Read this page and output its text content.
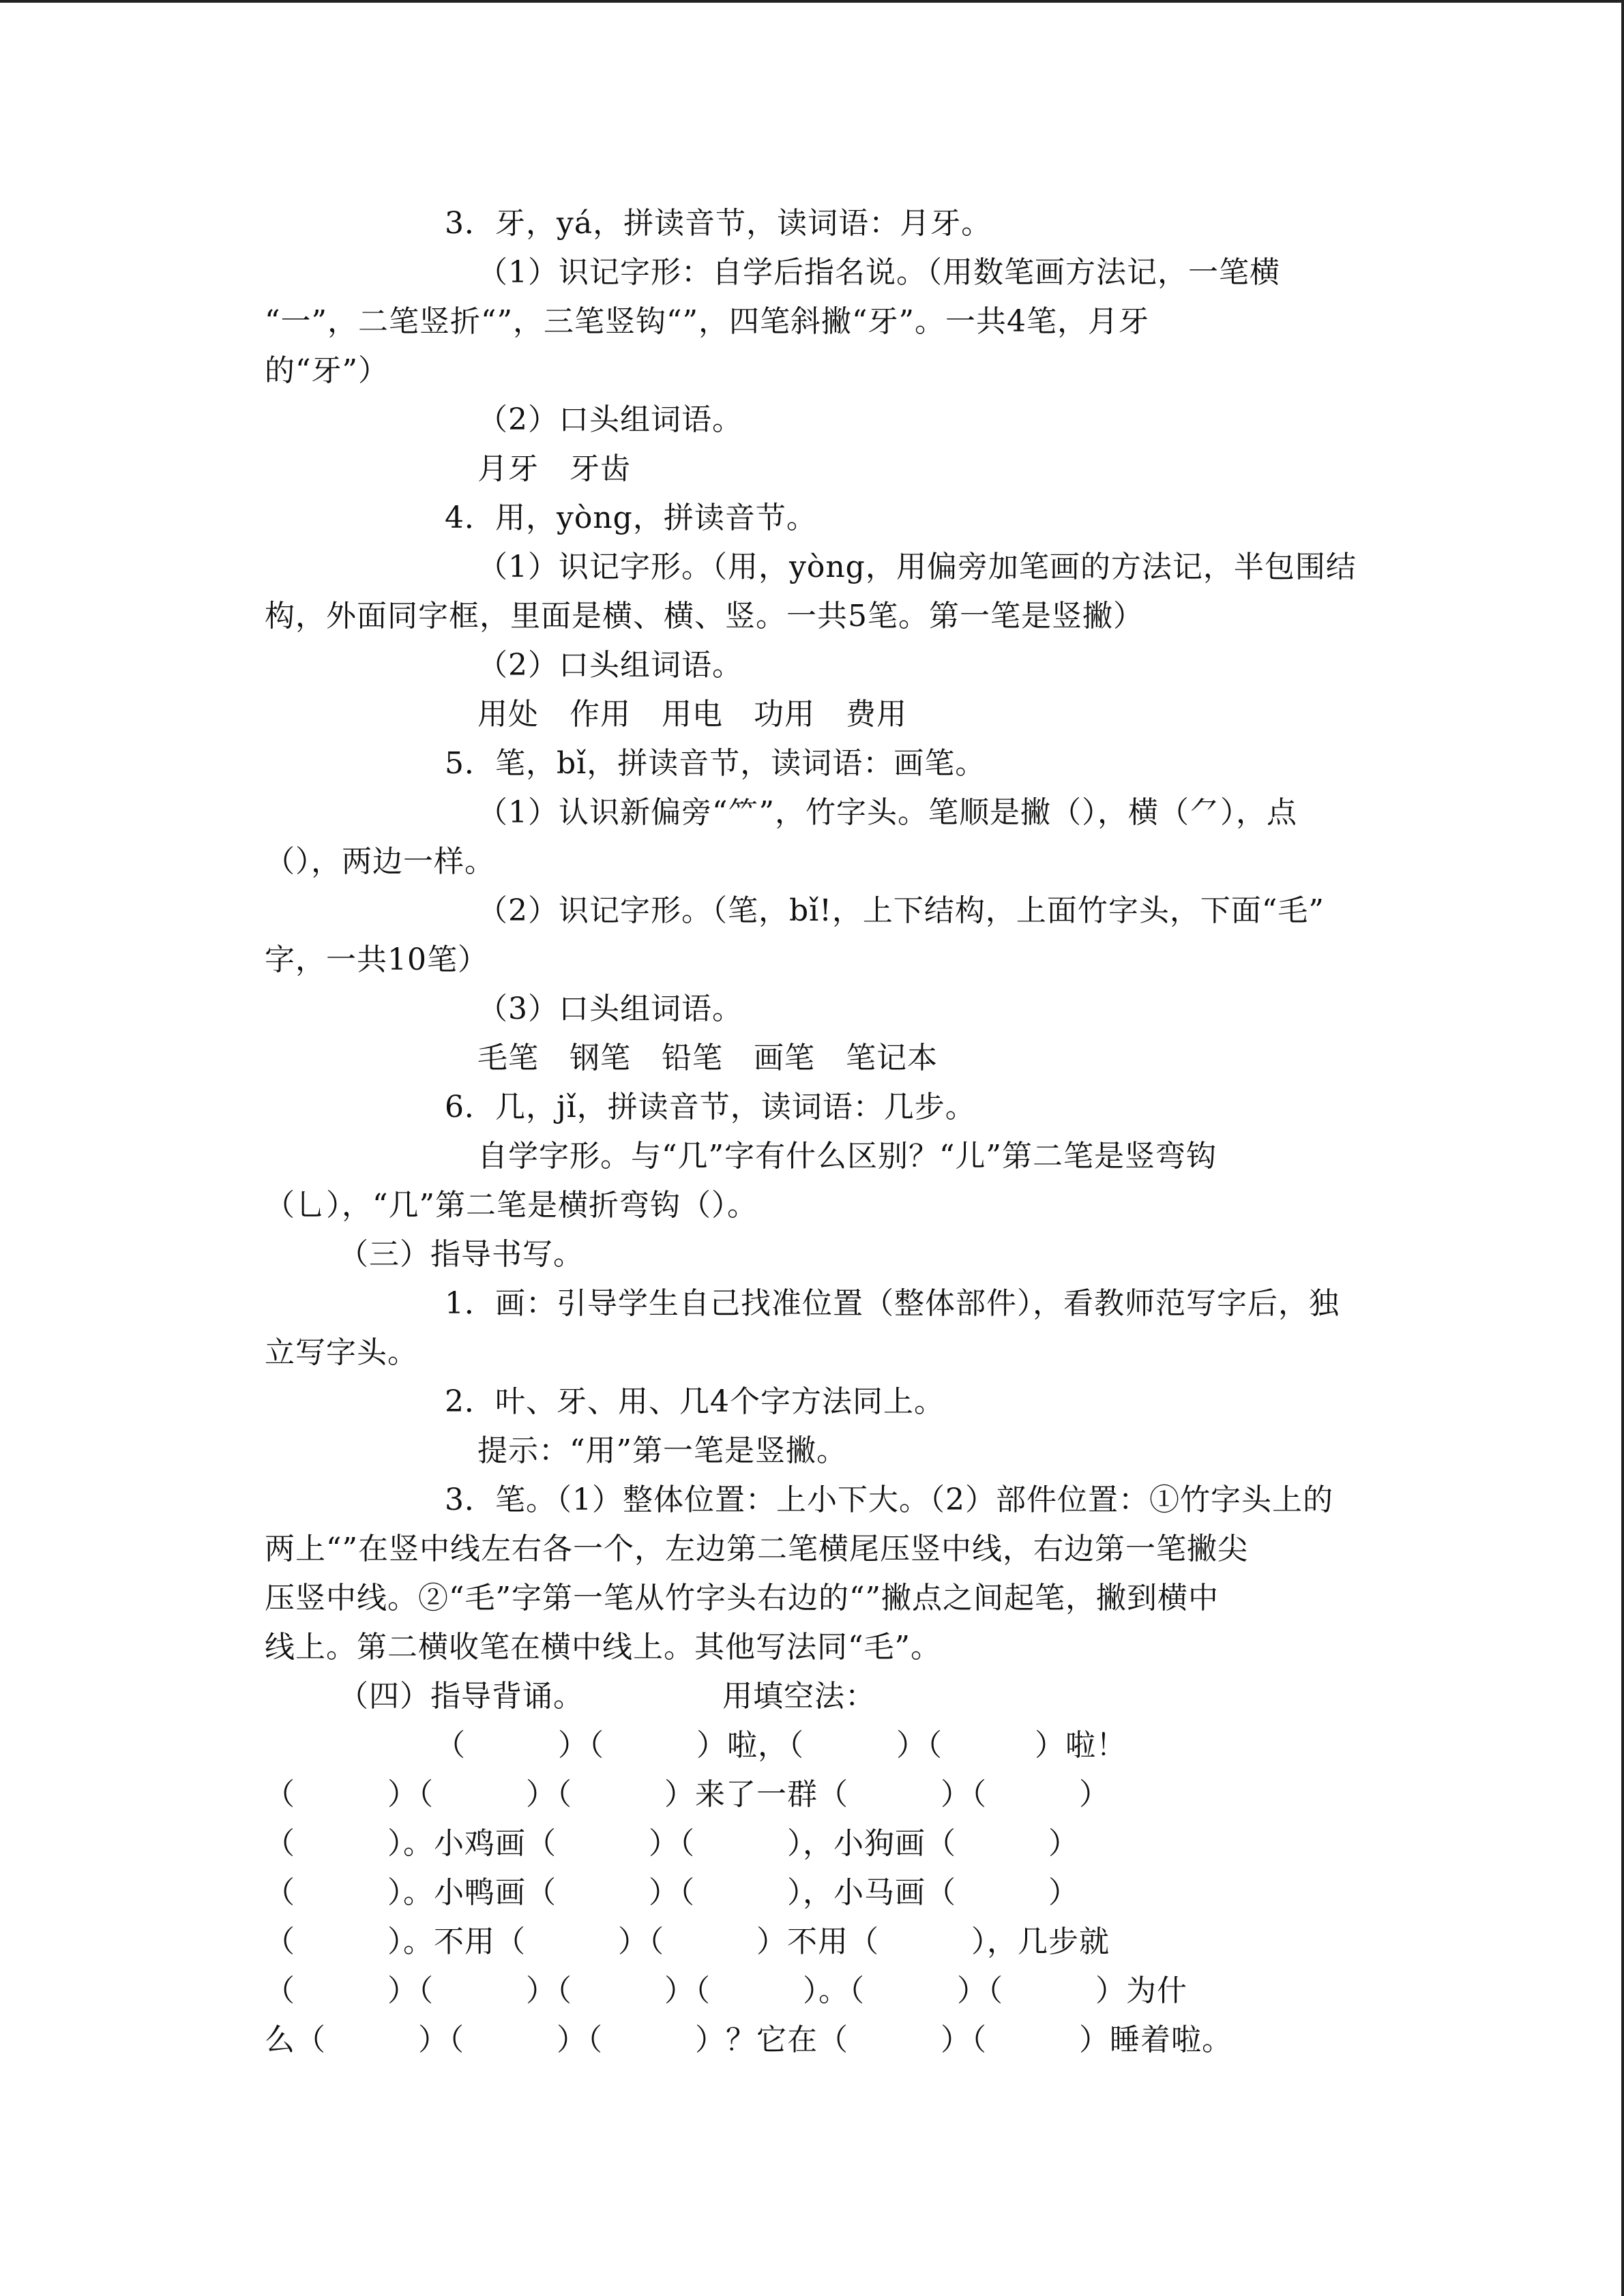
3．牙，yá，拼读音节，读词语：月牙。
（1）识记字形：自学后指名说。（用数笔画方法记，一笔横
“一”，二笔竖折“”，三笔竖钩“”，四笔斜撇“牙”。一共4笔，月牙
的“牙”）
（2）口头组词语。
月牙　牙齿
4．用，yòng，拼读音节。
（1）识记字形。（用，yòng，用偏旁加笔画的方法记，半包围结
构，外面同字框，里面是横、横、竖。一共5笔。第一笔是竖撇）
（2）口头组词语。
用处　作用　用电　功用　费用
5．笔，bǐ，拼读音节，读词语：画笔。
（1）认识新偏旁“⺮”，竹字头。笔顺是撇（），横（⺈），点
（），两边一样。
（2）识记字形。（笔，bǐ!，上下结构，上面竹字头，下面“毛”
字，一共10笔）
（3）口头组词语。
毛笔　钢笔　铅笔　画笔　笔记本
6．几，jǐ，拼读音节，读词语：几步。
自学字形。与“几”字有什么区别？“儿”第二笔是竖弯钩
（乚），“几”第二笔是横折弯钩（）。
（三）指导书写。
1．画：引导学生自己找准位置（整体部件），看教师范写字后，独
立写字头。
2．叶、牙、用、几4个字方法同上。
提示：“用”第一笔是竖撇。
3．笔。（1）整体位置：上小下大。（2）部件位置：①竹字头上的
两上“”在竖中线左右各一个，左边第二笔横尾压竖中线，右边第一笔撇尖
压竖中线。②“毛”字第一笔从竹字头右边的“”撇点之间起笔，撇到横中
线上。第二横收笔在横中线上。其他写法同“毛”。
（四）指导背诵。　　　　　用填空法：
（　　　）（　　　）啦，（　　　）（　　　）啦！
（　　　）（　　　）（　　　）来了一群（　　　）（　　　）
（　　　）。小鸡画（　　　）（　　　），小狗画（　　　）
（　　　）。小鸭画（　　　）（　　　），小马画（　　　）
（　　　）。不用（　　　）（　　　）不用（　　　），几步就
（　　　）（　　　）（　　　）（　　　）。（　　　）（　　　）为什
么（　　　）（　　　）（　　　）？它在（　　　）（　　　）睡着啦。
